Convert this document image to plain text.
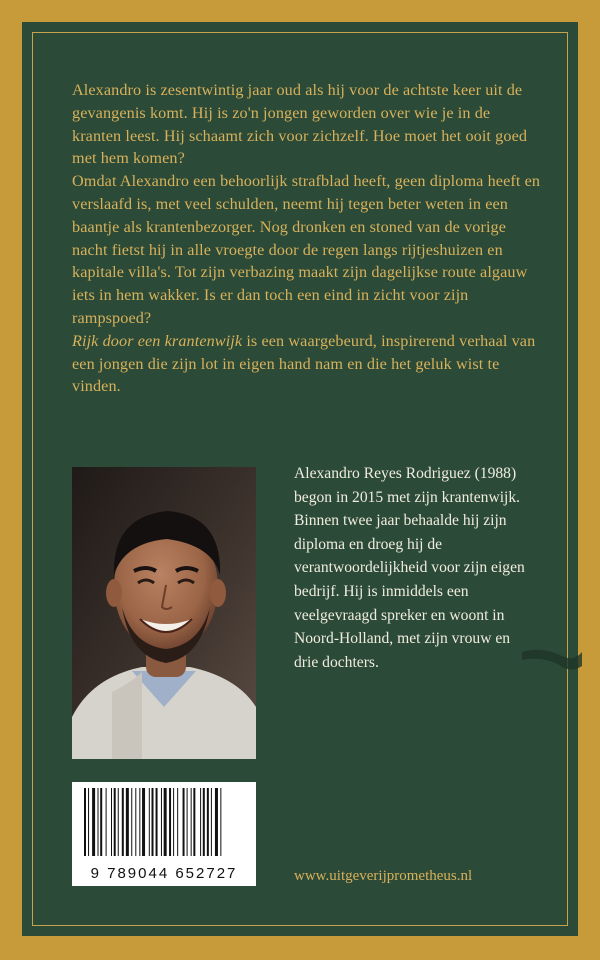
Alexandro is zesentwintig jaar oud als hij voor de achtste keer uit de gevangenis komt. Hij is zo'n jongen geworden over wie je in de kranten leest. Hij schaamt zich voor zichzelf. Hoe moet het ooit goed met hem komen?

Omdat Alexandro een behoorlijk strafblad heeft, geen diploma heeft en verslaafd is, met veel schulden, neemt hij tegen beter weten in een baantje als krantenbezorger. Nog dronken en stoned van de vorige nacht fietst hij in alle vroegte door de regen langs rijtjeshuizen en kapitale villa's. Tot zijn verbazing maakt zijn dagelijkse route algauw iets in hem wakker. Is er dan toch een eind in zicht voor zijn rampspoed?

Rijk door een krantenwijk is een waargebeurd, inspirerend verhaal van een jongen die zijn lot in eigen hand nam en die het geluk wist te vinden.

Alexandro Reyes Rodriguez (1988) begon in 2015 met zijn krantenwijk. Binnen twee jaar behaalde hij zijn diploma en droeg hij de verantwoordelijkheid voor zijn eigen bedrijf. Hij is inmiddels een veelgevraagd spreker en woont in Noord-Holland, met zijn vrouw en drie dochters.

9 789044 652727	www.uitgeverijprometheus.nl
